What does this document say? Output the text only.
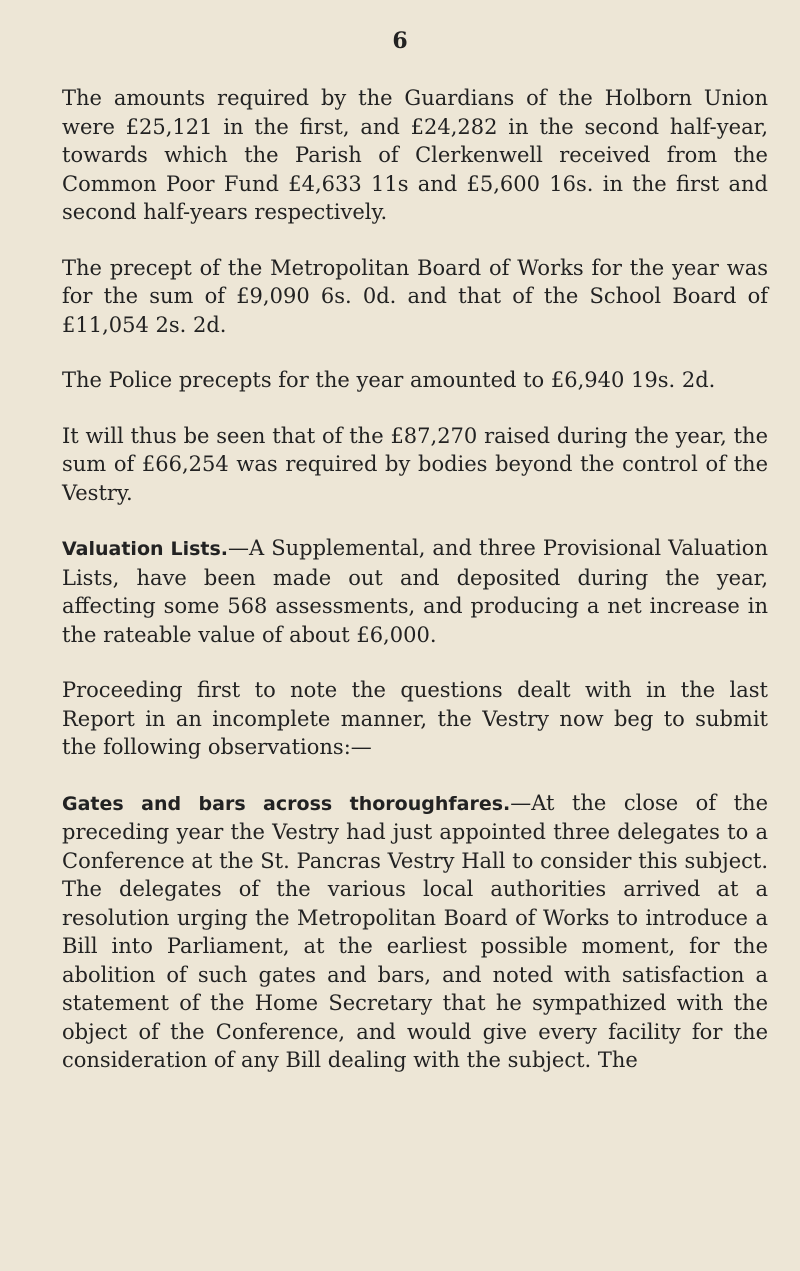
6

The amounts required by the Guardians of the Holborn Union were £25,121 in the first, and £24,282 in the second half-year, towards which the Parish of Clerkenwell received from the Common Poor Fund £4,633 11s and £5,600 16s. in the first and second half-years respectively.

The precept of the Metropolitan Board of Works for the year was for the sum of £9,090 6s. 0d. and that of the School Board of £11,054 2s. 2d.

The Police precepts for the year amounted to £6,940 19s. 2d.

It will thus be seen that of the £87,270 raised during the year, the sum of £66,254 was required by bodies beyond the control of the Vestry.

Valuation Lists.—A Supplemental, and three Provisional Valuation Lists, have been made out and deposited during the year, affecting some 568 assessments, and producing a net increase in the rateable value of about £6,000.

Proceeding first to note the questions dealt with in the last Report in an incomplete manner, the Vestry now beg to submit the following observations:—

Gates and bars across thoroughfares.—At the close of the preceding year the Vestry had just appointed three delegates to a Conference at the St. Pancras Vestry Hall to consider this subject. The delegates of the various local authorities arrived at a resolution urging the Metropolitan Board of Works to introduce a Bill into Parliament, at the earliest possible moment, for the abolition of such gates and bars, and noted with satisfaction a statement of the Home Secretary that he sympathized with the object of the Conference, and would give every facility for the consideration of any Bill dealing with the subject. The
